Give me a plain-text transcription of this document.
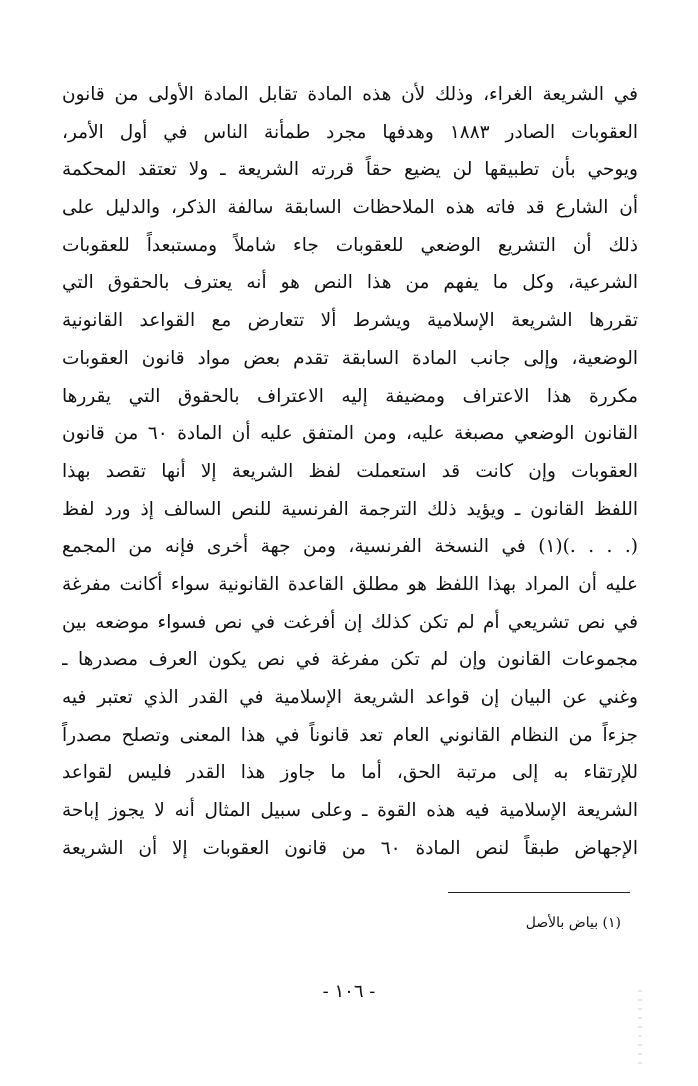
في الشريعة الغراء، وذلك لأن هذه المادة تقابل المادة الأولى من قانون
العقوبات الصادر ١٨٨٣ وهدفها مجرد طمأنة الناس في أول الأمر،
ويوحي بأن تطبيقها لن يضيع حقاً قررته الشريعة ـ ولا تعتقد المحكمة
أن الشارع قد فاته هذه الملاحظات السابقة سالفة الذكر، والدليل على
ذلك أن التشريع الوضعي للعقوبات جاء شاملاً ومستبعداً للعقوبات
الشرعية، وكل ما يفهم من هذا النص هو أنه يعترف بالحقوق التي
تقررها الشريعة الإسلامية ويشرط ألا تتعارض مع القواعد القانونية
الوضعية، وإلى جانب المادة السابقة تقدم بعض مواد قانون العقوبات
مكررة هذا الاعتراف ومضيفة إليه الاعتراف بالحقوق التي يقررها
القانون الوضعي مصبغة عليه، ومن المتفق عليه أن المادة ٦٠ من قانون
العقوبات وإن كانت قد استعملت لفظ الشريعة إلا أنها تقصد بهذا
اللفظ القانون ـ ويؤيد ذلك الترجمة الفرنسية للنص السالف إذ ورد لفظ
(. . . .)(١) في النسخة الفرنسية، ومن جهة أخرى فإنه من المجمع
عليه أن المراد بهذا اللفظ هو مطلق القاعدة القانونية سواء أكانت مفرغة
في نص تشريعي أم لم تكن كذلك إن أفرغت في نص فسواء موضعه بين
مجموعات القانون وإن لم تكن مفرغة في نص يكون العرف مصدرها ـ
وغني عن البيان إن قواعد الشريعة الإسلامية في القدر الذي تعتبر فيه
جزءاً من النظام القانوني العام تعد قانوناً في هذا المعنى وتصلح مصدراً
للإرتقاء به إلى مرتبة الحق، أما ما جاوز هذا القدر فليس لقواعد
الشريعة الإسلامية فيه هذه القوة ـ وعلى سبيل المثال أنه لا يجوز إباحة
الإجهاض طبقاً لنص المادة ٦٠ من قانون العقوبات إلا أن الشريعة
(١) بياض بالأصل
- ١٠٦ -
